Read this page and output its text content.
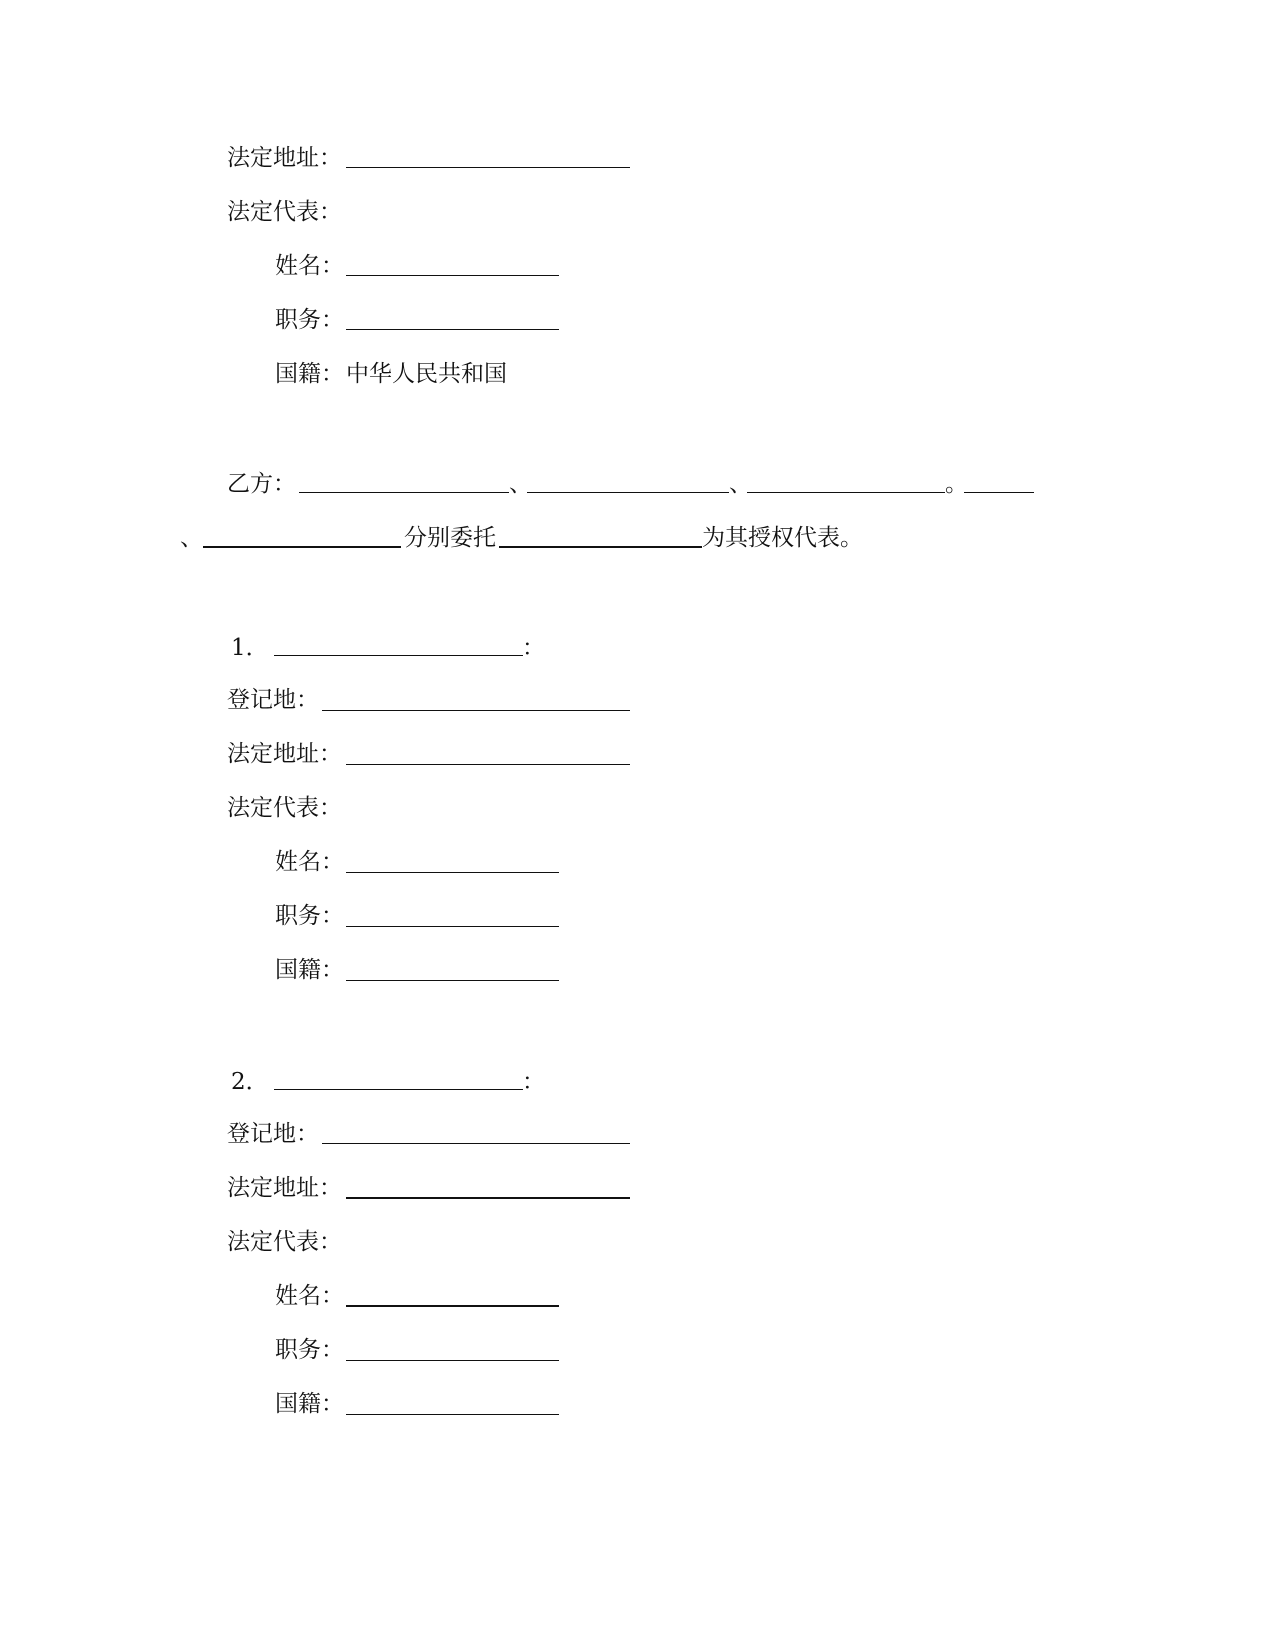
法定地址：
法定代表：
姓名：
职务：
国籍： 中华人民共和国
乙方：	、	、	。
、	分别委托	为其授权代表。
1．	：
登记地：
法定地址：
法定代表：
姓名：
职务：
国籍：
2．	：
登记地：
法定地址：
法定代表：
姓名：
职务：
国籍：
